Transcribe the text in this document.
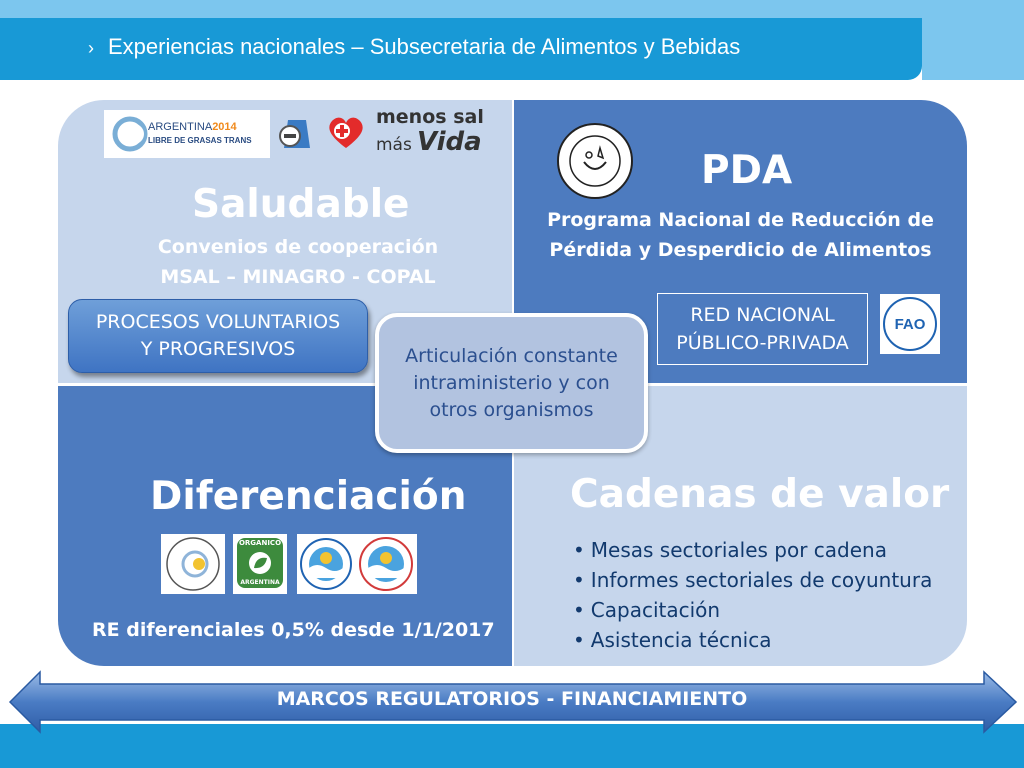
› Experiencias nacionales – Subsecretaria de Alimentos y Bebidas
ARGENTINA2014
LIBRE DE GRASAS TRANS
menos sal
más Vida
Saludable
Convenios de cooperación
MSAL – MINAGRO - COPAL
PDA
Programa Nacional de Reducción de
Pérdida y Desperdicio de Alimentos
FAO
Diferenciación
ORGANICO
ARGENTINA
RE diferenciales 0,5% desde 1/1/2017
Cadenas de valor
• Mesas sectoriales por cadena
• Informes sectoriales de coyuntura
• Capacitación
• Asistencia técnica
PROCESOS VOLUNTARIOS
Y PROGRESIVOS
RED NACIONAL
PÚBLICO-PRIVADA
Articulación constante
intraministerio y con
otros organismos
MARCOS REGULATORIOS - FINANCIAMIENTO
